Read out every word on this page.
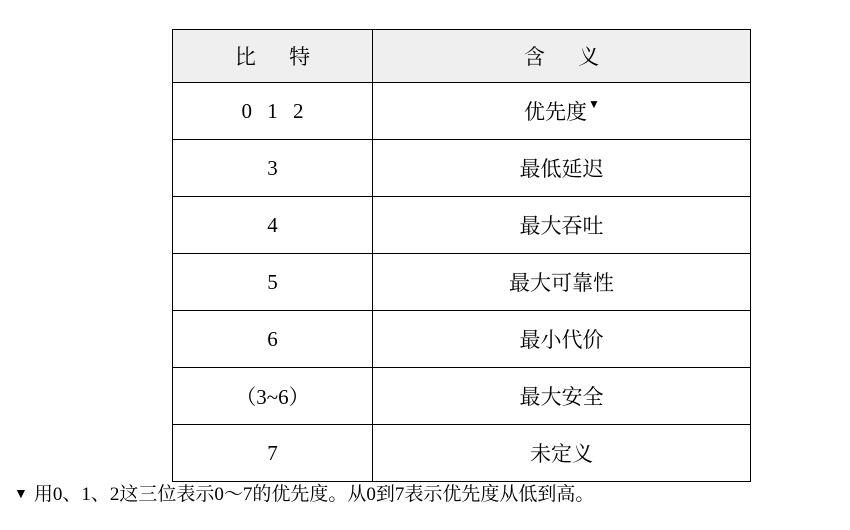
比 特	含 义
0 1 2	优先度▼
3	最低延迟
4	最大吞吐
5	最大可靠性
6	最小代价
（3~6）	最大安全
7	未定义
▼ 用0、1、2这三位表示0～7的优先度。从0到7表示优先度从低到高。
